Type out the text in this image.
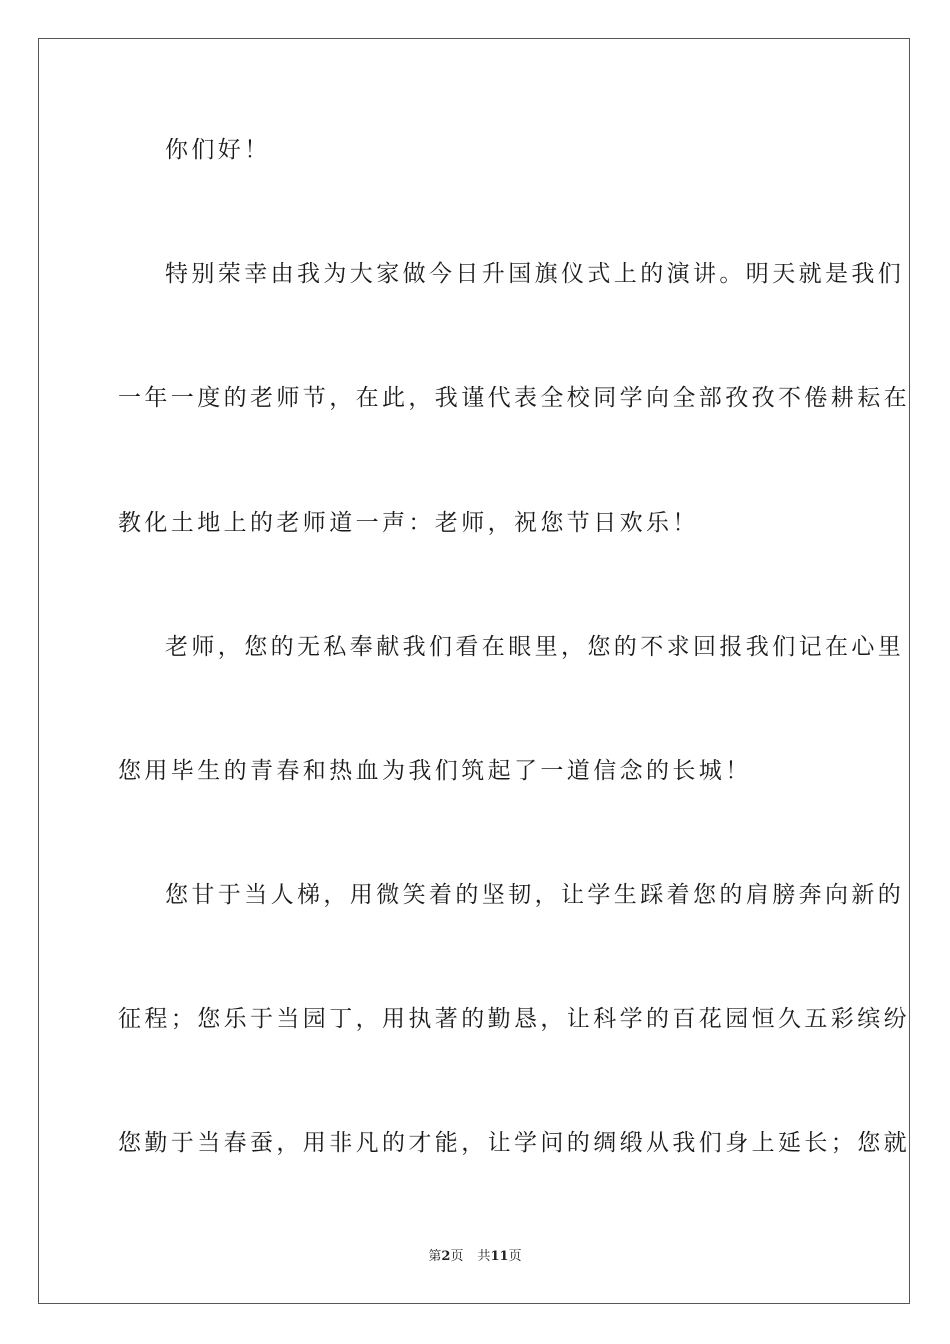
你们好！
特别荣幸由我为大家做今日升国旗仪式上的演讲。明天就是我们
一年一度的老师节，在此，我谨代表全校同学向全部孜孜不倦耕耘在
教化土地上的老师道一声：老师，祝您节日欢乐！
老师，您的无私奉献我们看在眼里，您的不求回报我们记在心里
您用毕生的青春和热血为我们筑起了一道信念的长城！
您甘于当人梯，用微笑着的坚韧，让学生踩着您的肩膀奔向新的
征程；您乐于当园丁，用执著的勤恳，让科学的百花园恒久五彩缤纷
您勤于当春蚕，用非凡的才能，让学问的绸缎从我们身上延长；您就
第2页 共11页
